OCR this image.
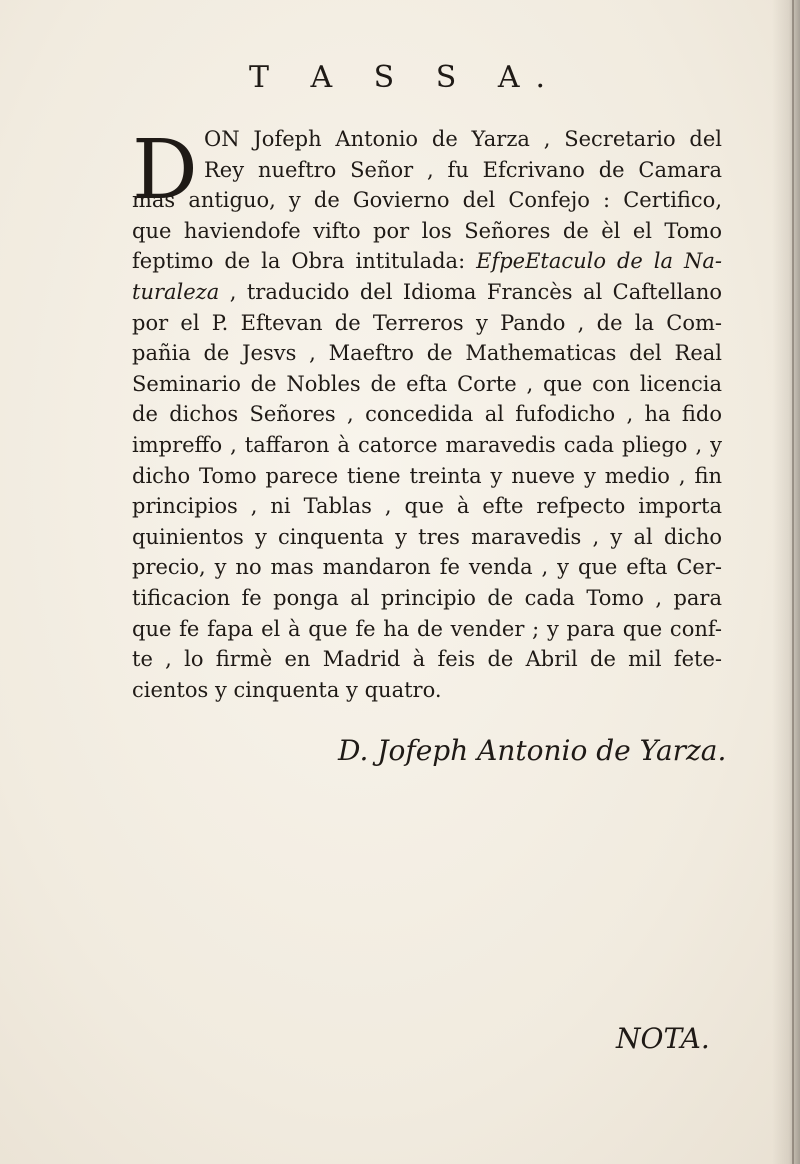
T A S S A.
D ON Jofeph Antonio de Yarza , Secretario del
Rey nueftro Señor , fu Efcrivano de Camara
mas antiguo, y de Govierno del Confejo : Certifico,
que haviendofe vifto por los Señores de èl el Tomo
feptimo de la Obra intitulada: EfpeEtaculo de la Na-
turaleza , traducido del Idioma Francès al Caftellano
por el P. Eftevan de Terreros y Pando , de la Com-
pañia de Jesvs , Maeftro de Mathematicas del Real
Seminario de Nobles de efta Corte , que con licencia
de dichos Señores , concedida al fufodicho , ha fido
impreffo , taffaron à catorce maravedis cada pliego , y
dicho Tomo parece tiene treinta y nueve y medio , fin
principios , ni Tablas , que à efte refpecto importa
quinientos y cinquenta y tres maravedis , y al dicho
precio, y no mas mandaron fe venda , y que efta Cer-
tificacion fe ponga al principio de cada Tomo , para
que fe fapa el à que fe ha de vender ; y para que conf-
te , lo firmè en Madrid à feis de Abril de mil fete-
cientos y cinquenta y quatro.
D. Jofeph Antonio de Yarza.
NOTA.
